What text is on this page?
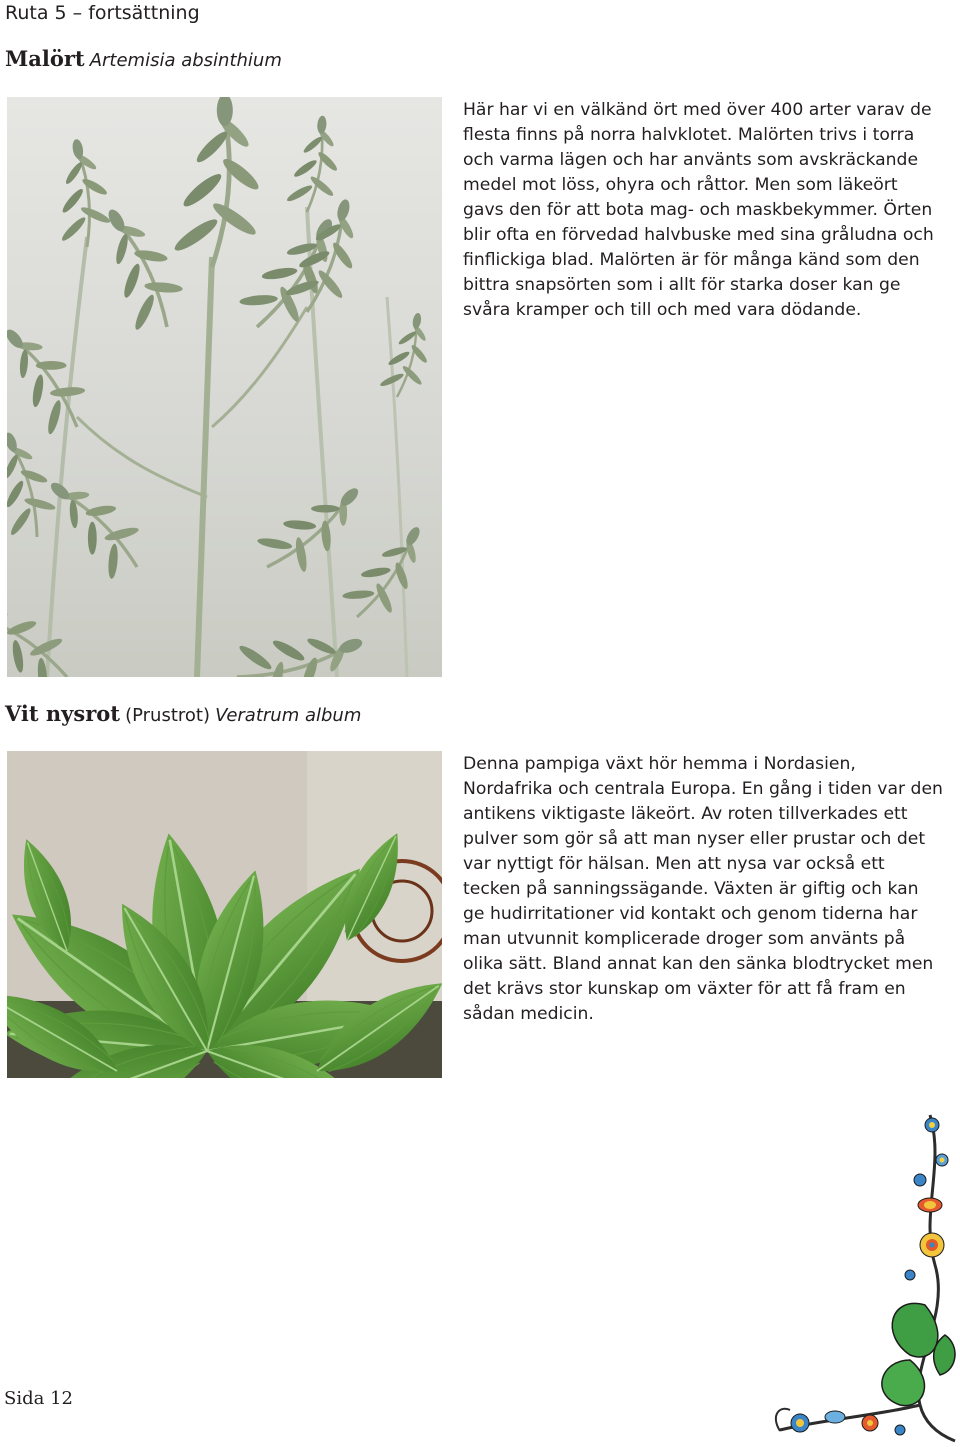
Ruta 5 – fortsättning
Malört Artemisia absinthium

Här har vi en välkänd ört med över 400 arter varav de flesta finns på norra halvklotet. Malörten trivs i torra och varma lägen och har använts som avskräckande medel mot löss, ohyra och råttor. Men som läkeört gavs den för att bota mag- och maskbekymmer. Örten blir ofta en förvedad halvbuske med sina gråludna och finflickiga blad. Malörten är för många känd som den bittra snapsörten som i allt för starka doser kan ge svåra kramper och till och med vara dödande.

Vit nysrot (Prustrot) Veratrum album

Denna pampiga växt hör hemma i Nordasien, Nordafrika och centrala Europa. En gång i tiden var den antikens viktigaste läkeört. Av roten tillverkades ett pulver som gör så att man nyser eller prustar och det var nyttigt för hälsan. Men att nysa var också ett tecken på sanningssägande. Växten är giftig och kan ge hudirritationer vid kontakt och genom tiderna har man utvunnit komplicerade droger som använts på olika sätt. Bland annat kan den sänka blodtrycket men det krävs stor kunskap om växter för att få fram en sådan medicin.

Sida 12
